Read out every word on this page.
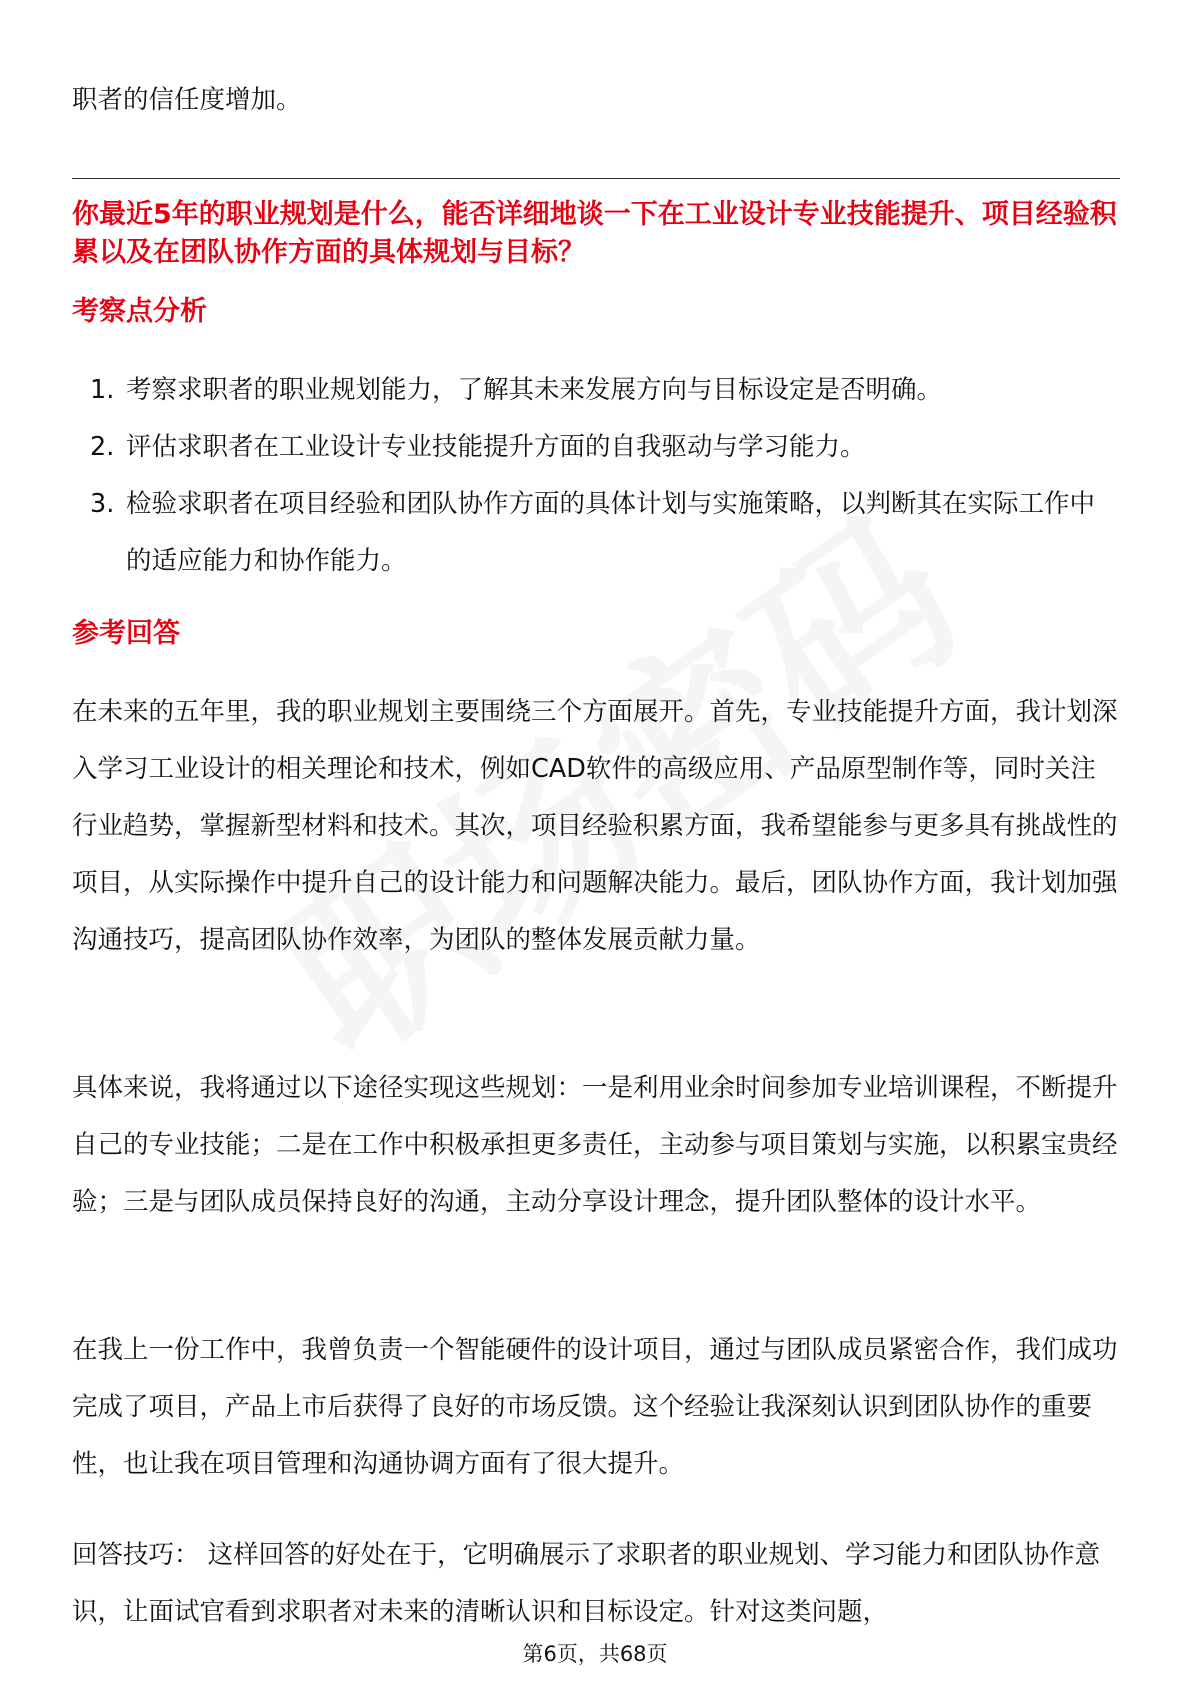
职者的信任度增加。

你最近5年的职业规划是什么，能否详细地谈一下在工业设计专业技能提升、项目经验积累以及在团队协作方面的具体规划与目标？

考察点分析
1. 考察求职者的职业规划能力，了解其未来发展方向与目标设定是否明确。
2. 评估求职者在工业设计专业技能提升方面的自我驱动与学习能力。
3. 检验求职者在项目经验和团队协作方面的具体计划与实施策略，以判断其在实际工作中的适应能力和协作能力。
参考回答

在未来的五年里，我的职业规划主要围绕三个方面展开。首先，专业技能提升方面，我计划深入学习工业设计的相关理论和技术，例如CAD软件的高级应用、产品原型制作等，同时关注行业趋势，掌握新型材料和技术。其次，项目经验积累方面，我希望能参与更多具有挑战性的项目，从实际操作中提升自己的设计能力和问题解决能力。最后，团队协作方面，我计划加强沟通技巧，提高团队协作效率，为团队的整体发展贡献力量。

具体来说，我将通过以下途径实现这些规划：一是利用业余时间参加专业培训课程，不断提升自己的专业技能；二是在工作中积极承担更多责任，主动参与项目策划与实施，以积累宝贵经验；三是与团队成员保持良好的沟通，主动分享设计理念，提升团队整体的设计水平。

在我上一份工作中，我曾负责一个智能硬件的设计项目，通过与团队成员紧密合作，我们成功完成了项目，产品上市后获得了良好的市场反馈。这个经验让我深刻认识到团队协作的重要性，也让我在项目管理和沟通协调方面有了很大提升。

回答技巧： 这样回答的好处在于，它明确展示了求职者的职业规划、学习能力和团队协作意识，让面试官看到求职者对未来的清晰认识和目标设定。针对这类问题，

第6页，共68页
